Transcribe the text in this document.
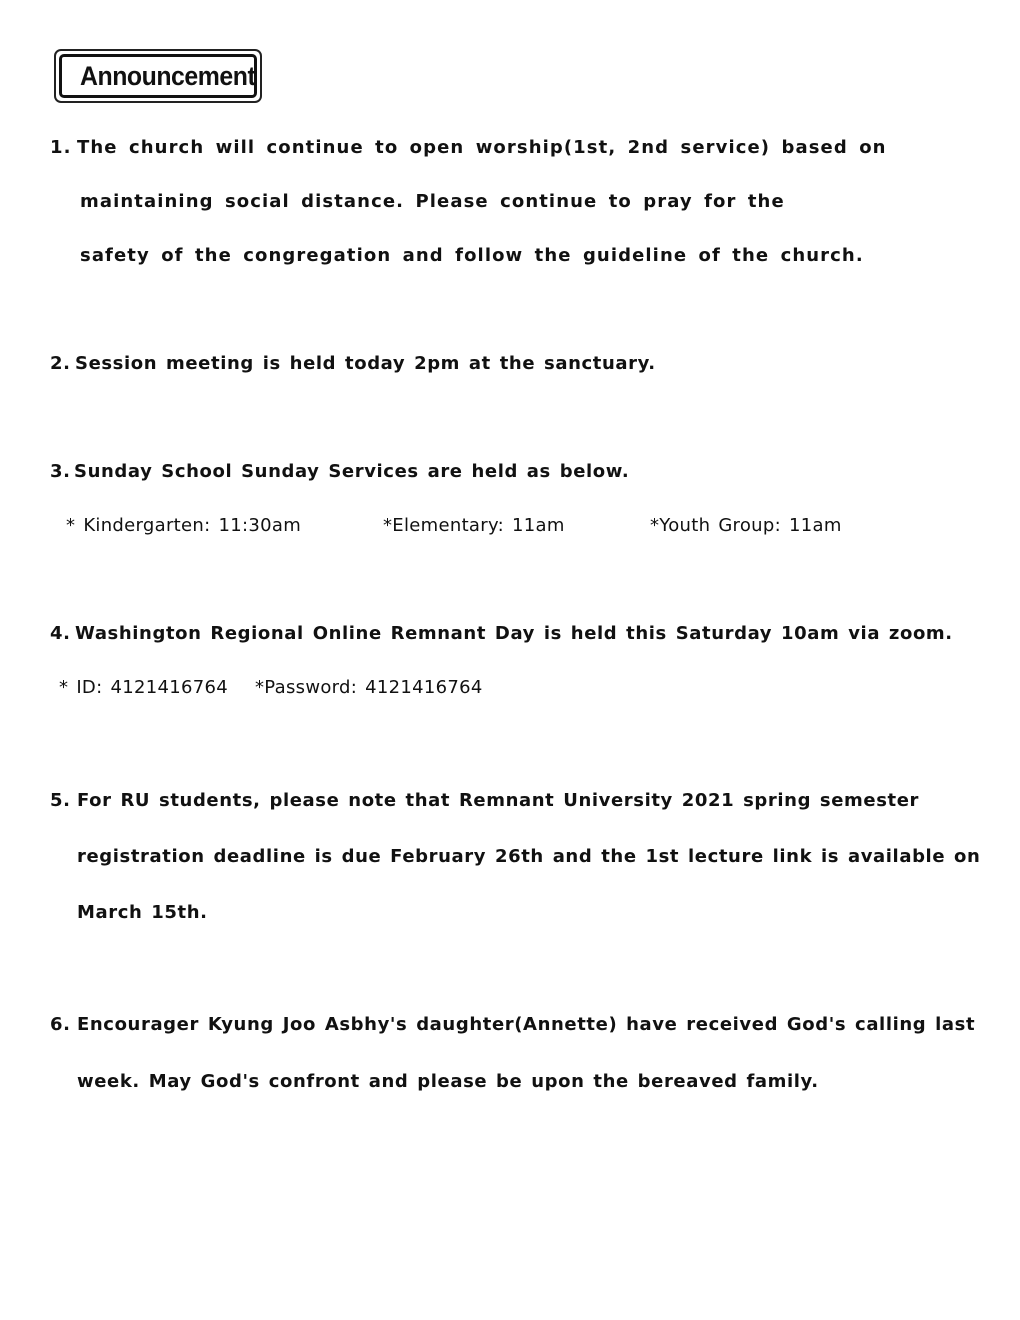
Announcement
1. The church will continue to open worship(1st, 2nd service) based on
maintaining social distance. Please continue to pray for the
safety of the congregation and follow the guideline of the church.
2. Session meeting is held today 2pm at the sanctuary.
3. Sunday School Sunday Services are held as below.
* Kindergarten: 11:30am	*Elementary: 11am	*Youth Group: 11am
4. Washington Regional Online Remnant Day is held this Saturday 10am via zoom.
* ID: 4121416764 *Password: 4121416764
5. For RU students, please note that Remnant University 2021 spring semester
registration deadline is due February 26th and the 1st lecture link is available on
March 15th.
6. Encourager Kyung Joo Asbhy's daughter(Annette) have received God's calling last
week. May God's confront and please be upon the bereaved family.
